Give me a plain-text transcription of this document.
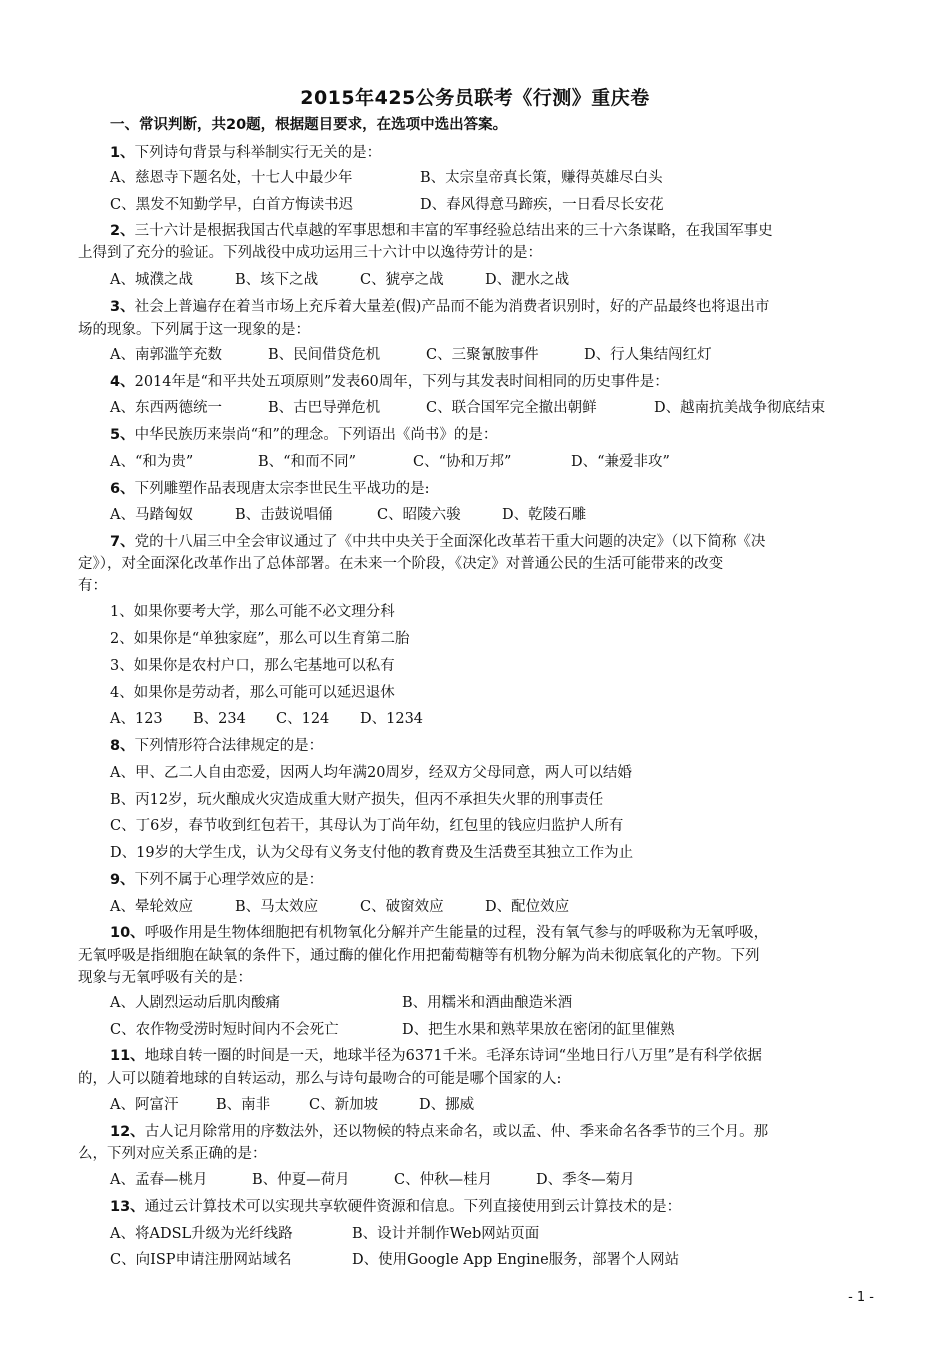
2015年425公务员联考《行测》重庆卷
一、常识判断，共20题，根据题目要求，在选项中选出答案。
1、下列诗句背景与科举制实行无关的是：
A、慈恩寺下题名处，十七人中最少年	B、太宗皇帝真长策，赚得英雄尽白头
C、黑发不知勤学早，白首方悔读书迟	D、春风得意马蹄疾，一日看尽长安花
2、三十六计是根据我国古代卓越的军事思想和丰富的军事经验总结出来的三十六条谋略，在我国军事史
上得到了充分的验证。下列战役中成功运用三十六计中以逸待劳计的是：
A、城濮之战	B、垓下之战	C、猇亭之战	D、淝水之战
3、社会上普遍存在着当市场上充斥着大量差(假)产品而不能为消费者识别时，好的产品最终也将退出市
场的现象。下列属于这一现象的是：
A、南郭滥竽充数	B、民间借贷危机	C、三聚氰胺事件	D、行人集结闯红灯
4、2014年是“和平共处五项原则”发表60周年，下列与其发表时间相同的历史事件是：
A、东西两德统一	B、古巴导弹危机	C、联合国军完全撤出朝鲜	D、越南抗美战争彻底结束
5、中华民族历来崇尚“和”的理念。下列语出《尚书》的是：
A、“和为贵”	B、“和而不同”	C、“协和万邦”	D、“兼爱非攻”
6、下列雕塑作品表现唐太宗李世民生平战功的是:
A、马踏匈奴	B、击鼓说唱俑	C、昭陵六骏	D、乾陵石雕
7、党的十八届三中全会审议通过了《中共中央关于全面深化改革若干重大问题的决定》（以下简称《决
定》），对全面深化改革作出了总体部署。在未来一个阶段，《决定》对普通公民的生活可能带来的改变
有：
1、如果你要考大学，那么可能不必文理分科
2、如果你是“单独家庭”，那么可以生育第二胎
3、如果你是农村户口，那么宅基地可以私有
4、如果你是劳动者，那么可能可以延迟退休
A、123 B、234 C、124 D、1234
8、下列情形符合法律规定的是：
A、甲、乙二人自由恋爱，因两人均年满20周岁，经双方父母同意，两人可以结婚
B、丙12岁，玩火酿成火灾造成重大财产损失，但丙不承担失火罪的刑事责任
C、丁6岁，春节收到红包若干，其母认为丁尚年幼，红包里的钱应归监护人所有
D、19岁的大学生戊，认为父母有义务支付他的教育费及生活费至其独立工作为止
9、下列不属于心理学效应的是：
A、晕轮效应	B、马太效应	C、破窗效应	D、配位效应
10、呼吸作用是生物体细胞把有机物氧化分解并产生能量的过程，没有氧气参与的呼吸称为无氧呼吸，
无氧呼吸是指细胞在缺氧的条件下，通过酶的催化作用把葡萄糖等有机物分解为尚未彻底氧化的产物。下列
现象与无氧呼吸有关的是：
A、人剧烈运动后肌肉酸痛	B、用糯米和酒曲酿造米酒
C、农作物受涝时短时间内不会死亡	D、把生水果和熟苹果放在密闭的缸里催熟
11、地球自转一圈的时间是一天，地球半径为6371千米。毛泽东诗词“坐地日行八万里”是有科学依据
的，人可以随着地球的自转运动，那么与诗句最吻合的可能是哪个国家的人:
A、阿富汗	B、南非	C、新加坡	D、挪威
12、古人记月除常用的序数法外，还以物候的特点来命名，或以孟、仲、季来命名各季节的三个月。那
么，下列对应关系正确的是：
A、孟春—桃月	B、仲夏—荷月	C、仲秋—桂月	D、季冬—菊月
13、通过云计算技术可以实现共享软硬件资源和信息。下列直接使用到云计算技术的是：
A、将ADSL升级为光纤线路	B、设计并制作Web网站页面
C、向ISP申请注册网站域名	D、使用Google App Engine服务，部署个人网站
- 1 -
